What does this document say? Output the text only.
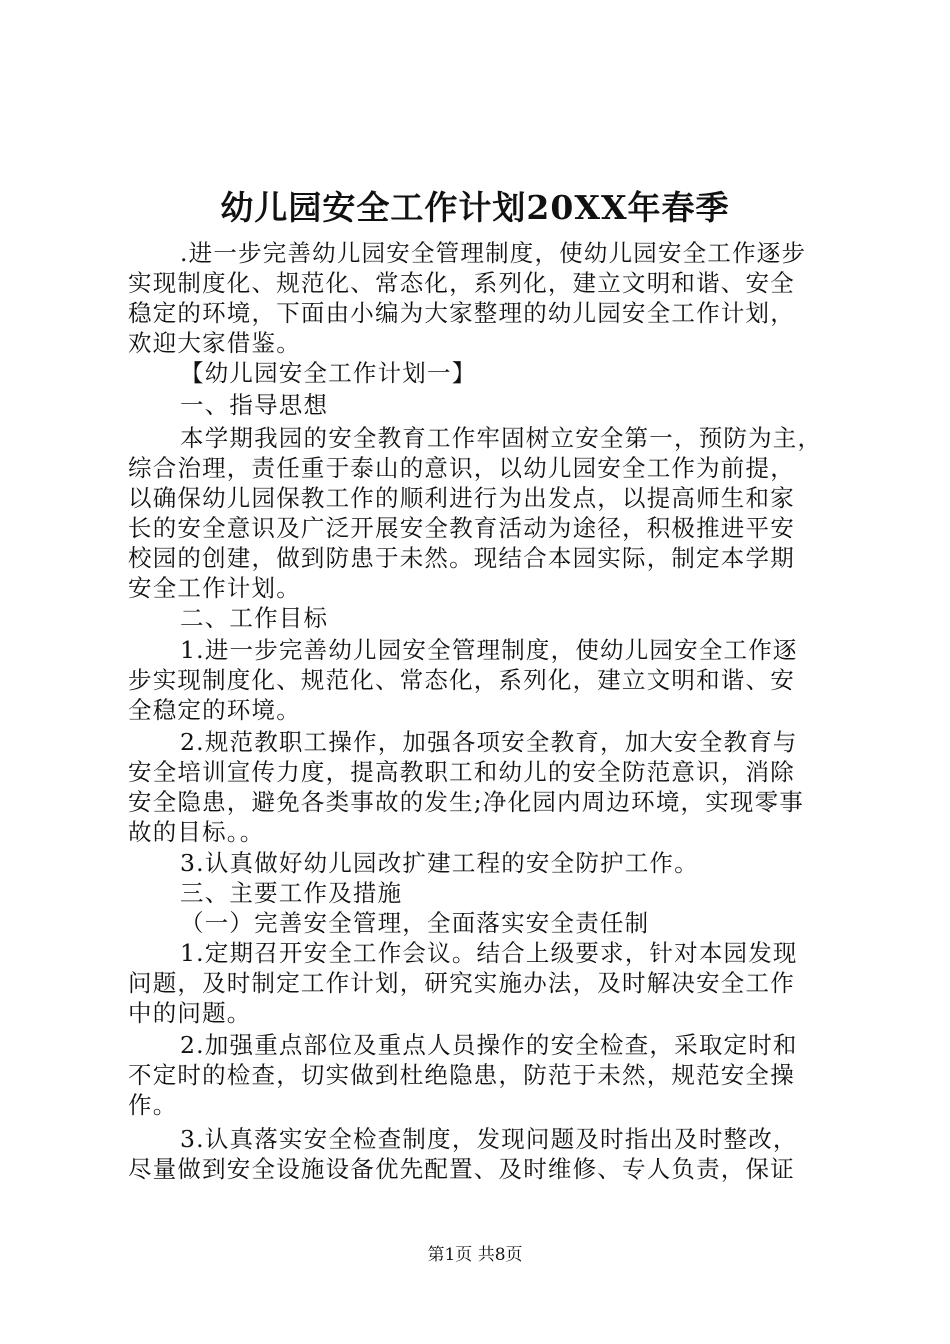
幼儿园安全工作计划20XX年春季
.进一步完善幼儿园安全管理制度，使幼儿园安全工作逐步
实现制度化、规范化、常态化，系列化，建立文明和谐、安全
稳定的环境，下面由小编为大家整理的幼儿园安全工作计划，
欢迎大家借鉴。
【幼儿园安全工作计划一】
一、指导思想
本学期我园的安全教育工作牢固树立安全第一，预防为主，
综合治理，责任重于泰山的意识，以幼儿园安全工作为前提，
以确保幼儿园保教工作的顺利进行为出发点，以提高师生和家
长的安全意识及广泛开展安全教育活动为途径，积极推进平安
校园的创建，做到防患于未然。现结合本园实际，制定本学期
安全工作计划。
二、工作目标
1.进一步完善幼儿园安全管理制度，使幼儿园安全工作逐
步实现制度化、规范化、常态化，系列化，建立文明和谐、安
全稳定的环境。
2.规范教职工操作，加强各项安全教育，加大安全教育与
安全培训宣传力度，提高教职工和幼儿的安全防范意识，消除
安全隐患，避免各类事故的发生;净化园内周边环境，实现零事
故的目标。。
3.认真做好幼儿园改扩建工程的安全防护工作。
三、主要工作及措施
（一）完善安全管理，全面落实安全责任制
1.定期召开安全工作会议。结合上级要求，针对本园发现
问题，及时制定工作计划，研究实施办法，及时解决安全工作
中的问题。
2.加强重点部位及重点人员操作的安全检查，采取定时和
不定时的检查，切实做到杜绝隐患，防范于未然，规范安全操
作。
3.认真落实安全检查制度，发现问题及时指出及时整改，
尽量做到安全设施设备优先配置、及时维修、专人负责，保证
第1页 共8页
